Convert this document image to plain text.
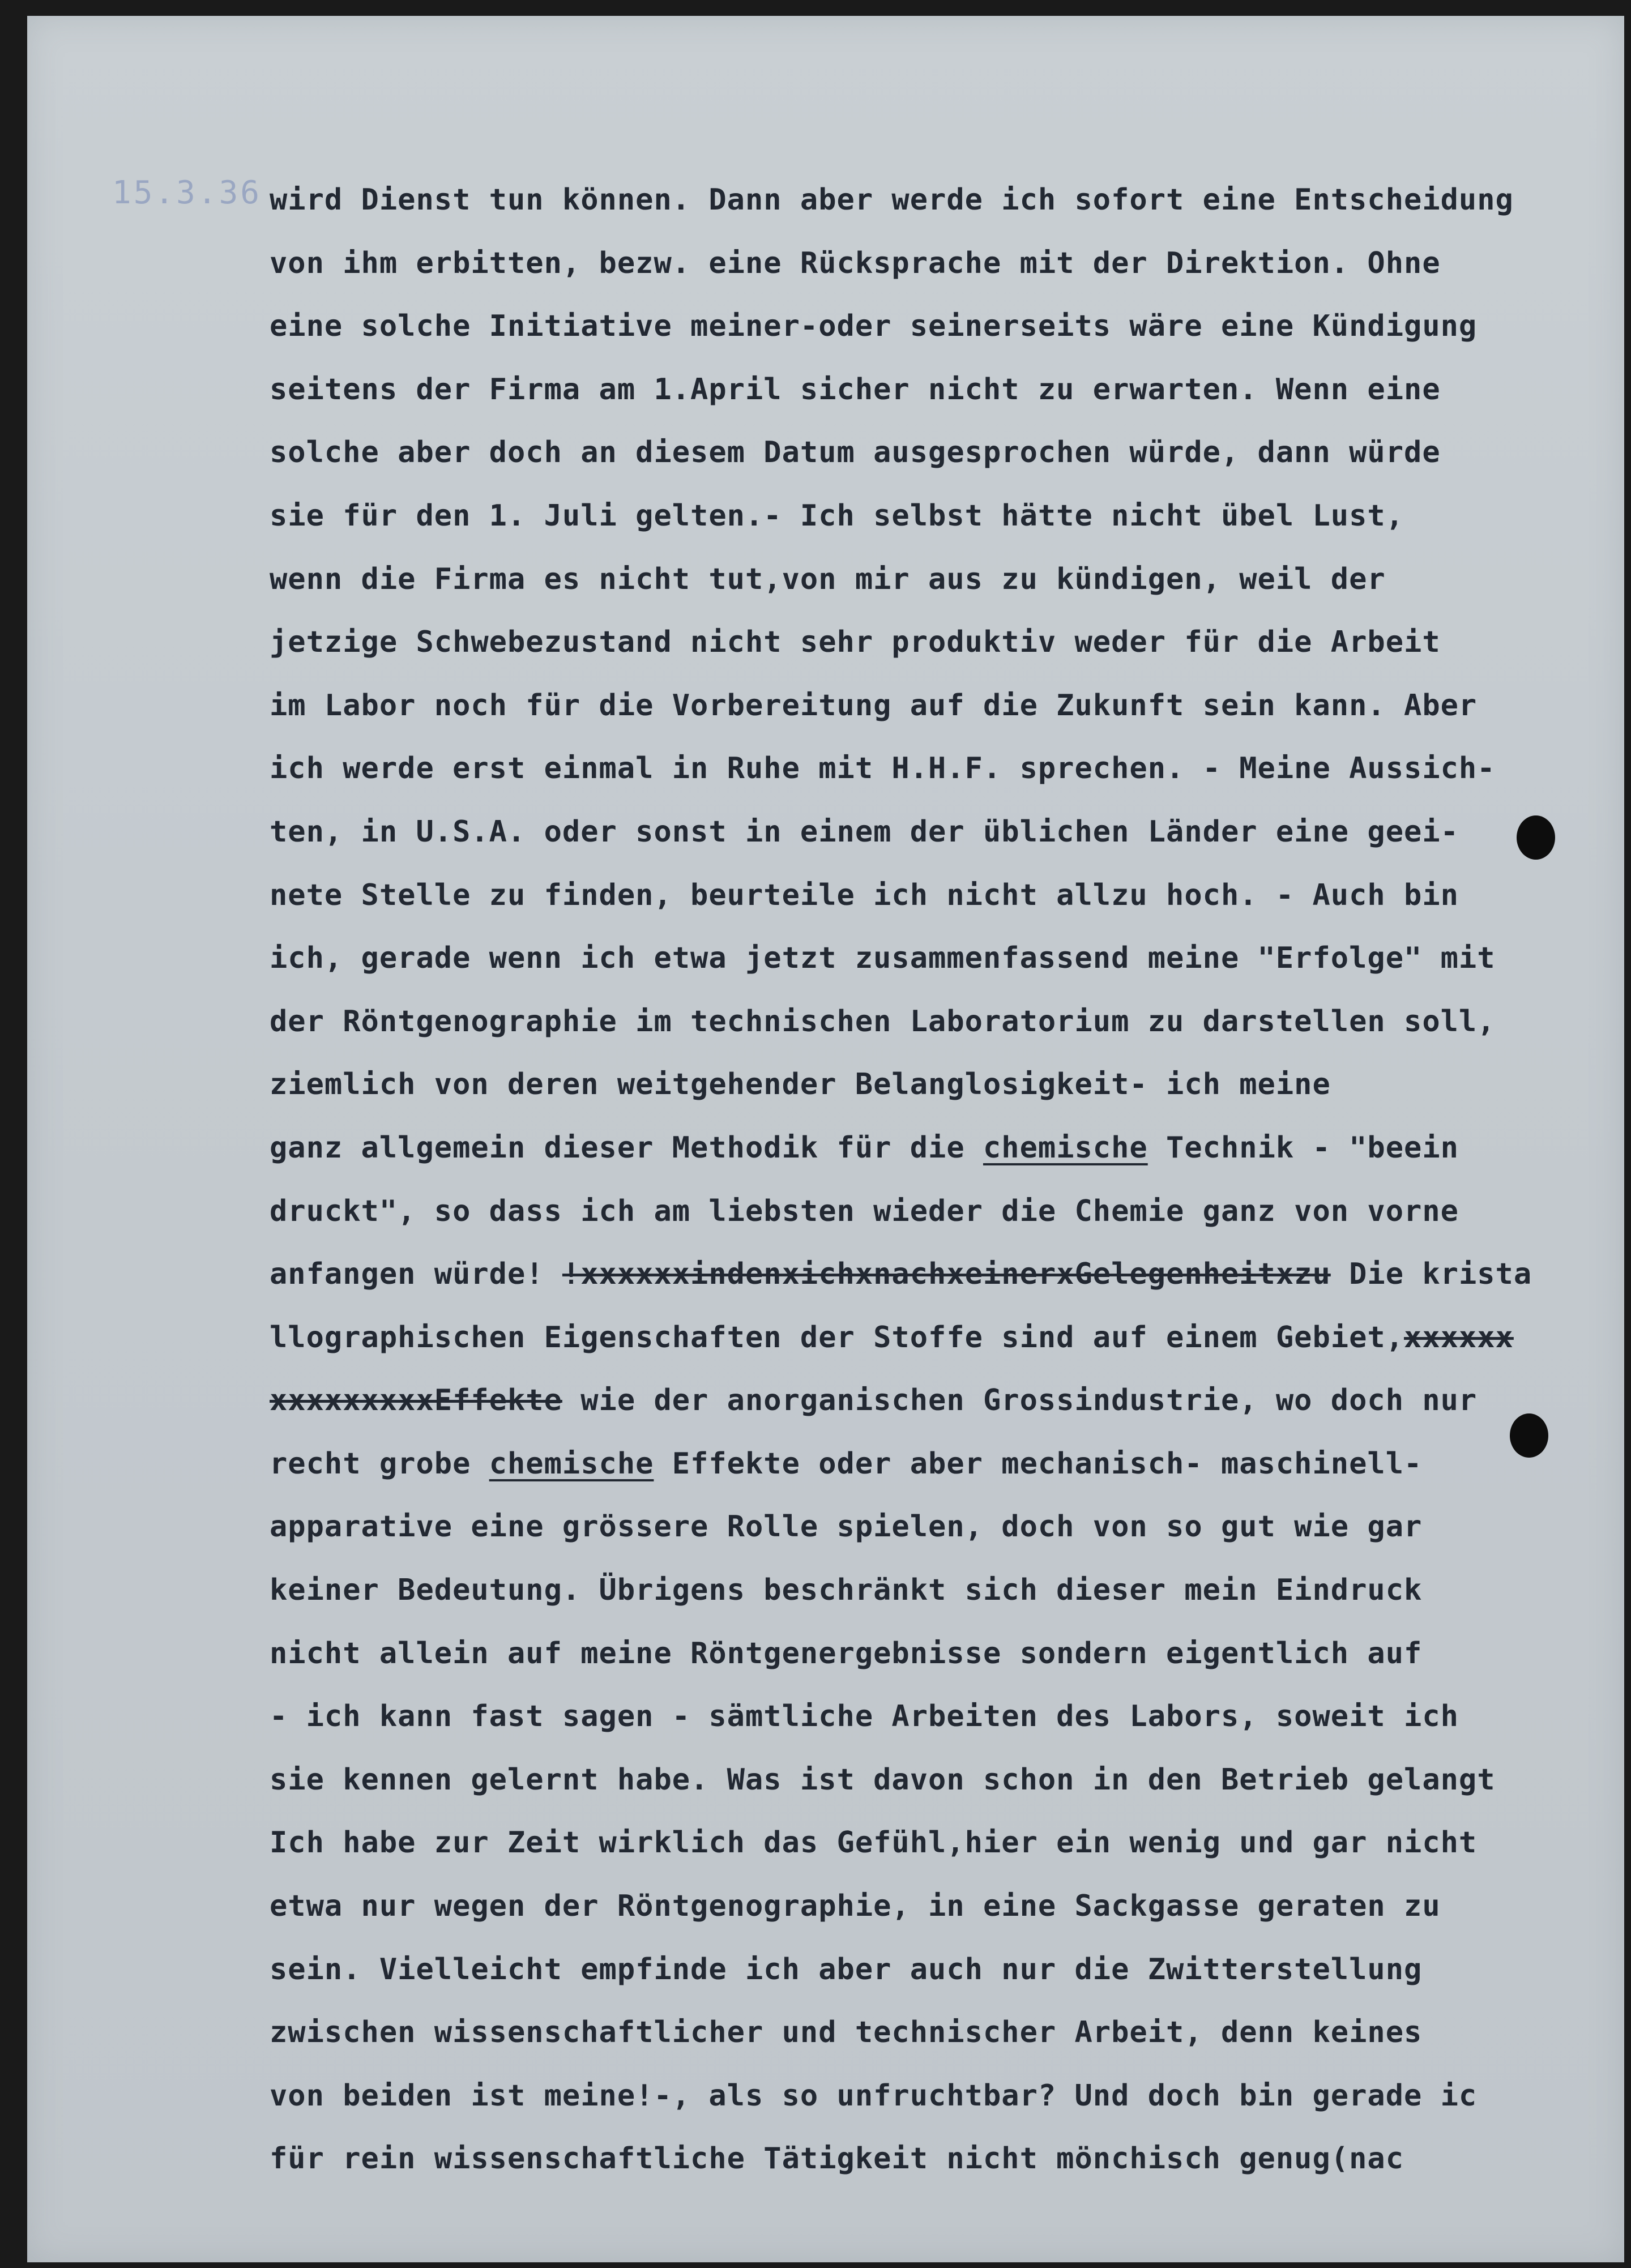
15.3.36 wird Dienst tun können. Dann aber werde ich sofort eine Entscheidung
von ihm erbitten, bezw. eine Rücksprache mit der Direktion. Ohne
eine solche Initiative meiner-oder seinerseits wäre eine Kündigung
seitens der Firma am 1.April sicher nicht zu erwarten. Wenn eine
solche aber doch an diesem Datum ausgesprochen würde, dann würde
sie für den 1. Juli gelten.- Ich selbst hätte nicht übel Lust,
wenn die Firma es nicht tut,von mir aus zu kündigen, weil der
jetzige Schwebezustand nicht sehr produktiv weder für die Arbeit
im Labor noch für die Vorbereitung auf die Zukunft sein kann. Aber
ich werde erst einmal in Ruhe mit H.H.F. sprechen. - Meine Aussich-
ten, in U.S.A. oder sonst in einem der üblichen Länder eine geei-
nete Stelle zu finden, beurteile ich nicht allzu hoch. - Auch bin
ich, gerade wenn ich etwa jetzt zusammenfassend meine "Erfolge" mit
der Röntgenographie im technischen Laboratorium zu darstellen soll,
ziemlich von deren weitgehender Belanglosigkeit- ich meine
ganz allgemein dieser Methodik für die chemische Technik - "beein
druckt", so dass ich am liebsten wieder die Chemie ganz von vorne
anfangen würde! !xxxxxxindenxichxnachxeinerxGelegenheitxzu Die krista
llographischen Eigenschaften der Stoffe sind auf einem Gebiet,xxxxxx
xxxxxxxxxEffekte wie der anorganischen Grossindustrie, wo doch nur
recht grobe chemische Effekte oder aber mechanisch- maschinell-
apparative eine grössere Rolle spielen, doch von so gut wie gar
keiner Bedeutung. Übrigens beschränkt sich dieser mein Eindruck
nicht allein auf meine Röntgenergebnisse sondern eigentlich auf
- ich kann fast sagen - sämtliche Arbeiten des Labors, soweit ich
sie kennen gelernt habe. Was ist davon schon in den Betrieb gelangt
Ich habe zur Zeit wirklich das Gefühl,hier ein wenig und gar nicht
etwa nur wegen der Röntgenographie, in eine Sackgasse geraten zu
sein. Vielleicht empfinde ich aber auch nur die Zwitterstellung
zwischen wissenschaftlicher und technischer Arbeit, denn keines
von beiden ist meine!-, als so unfruchtbar? Und doch bin gerade ic
für rein wissenschaftliche Tätigkeit nicht mönchisch genug(nac
